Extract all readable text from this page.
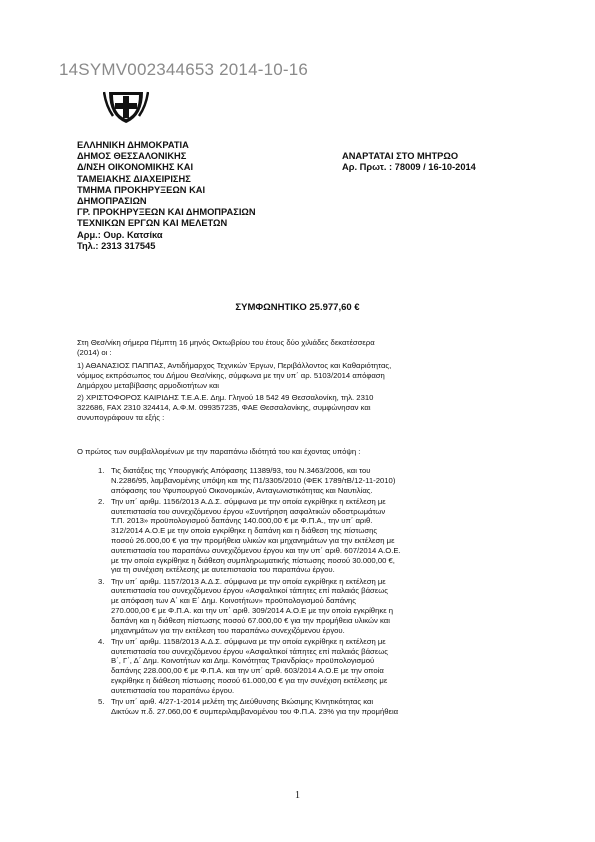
14SYMV002344653 2014-10-16
ΕΛΛΗΝΙΚΗ ΔΗΜΟΚΡΑΤΙΑ
ΔΗΜΟΣ ΘΕΣΣΑΛΟΝΙΚΗΣ
Δ/ΝΣΗ ΟΙΚΟΝΟΜΙΚΗΣ ΚΑΙ
ΤΑΜΕΙΑΚΗΣ ΔΙΑΧΕΙΡΙΣΗΣ
ΤΜΗΜΑ ΠΡΟΚΗΡΥΞΕΩΝ ΚΑΙ
ΔΗΜΟΠΡΑΣΙΩΝ
ΓΡ. ΠΡΟΚΗΡΥΞΕΩΝ ΚΑΙ ΔΗΜΟΠΡΑΣΙΩΝ
ΤΕΧΝΙΚΩΝ ΕΡΓΩΝ ΚΑΙ ΜΕΛΕΤΩΝ
Αρμ.: Ουρ. Κατσίκα
Τηλ.: 2313 317545
ΑΝΑΡΤΑΤΑΙ ΣΤΟ ΜΗΤΡΩΟ
Αρ. Πρωτ. : 78009 / 16-10-2014
ΣΥΜΦΩΝΗΤΙΚΟ 25.977,60 €

Στη Θεσ/νίκη σήμερα Πέμπτη 16 μηνός Οκτωβρίου του έτους δύο χιλιάδες δεκατέσσερα

(2014) οι :

1) ΑΘΑΝΑΣΙΟΣ ΠΑΠΠΑΣ, Αντιδήμαρχος Τεχνικών Έργων, Περιβάλλοντος και Καθαριότητας,

νόμιμος εκπρόσωπος του Δήμου Θεσ/νίκης, σύμφωνα με την υπ΄ αρ. 5103/2014 απόφαση

Δημάρχου μεταβίβασης αρμοδιοτήτων και

2) ΧΡΙΣΤΟΦΟΡΟΣ ΚΑΙΡΙΔΗΣ Τ.Ε.Α.Ε. Δημ. Γληνού 18 542 49 Θεσσαλονίκη, τηλ. 2310

322686, FAX 2310 324414, Α.Φ.Μ. 099357235, ΦΑΕ Θεσσαλονίκης, συμφώνησαν και

συνυπογράφουν τα εξής :

Ο πρώτος των συμβαλλομένων με την παραπάνω ιδιότητά του και έχοντας υπόψη :
1. Τις διατάξεις της Υπουργικής Απόφασης 11389/93, του Ν.3463/2006, και του
Ν.2286/95, λαμβανομένης υπόψη και της Π1/3305/2010 (ΦΕΚ 1789/τΒ/12-11-2010)
απόφασης του Υφυπουργού Οικονομικών, Ανταγωνιστικότητας και Ναυτιλίας.
2. Την υπ΄ αριθμ. 1156/2013 Α.Δ.Σ. σύμφωνα με την οποία εγκρίθηκε η εκτέλεση με
αυτεπιστασία του συνεχιζόμενου έργου «Συντήρηση ασφαλτικών οδοστρωμάτων
Τ.Π. 2013» προϋπολογισμού δαπάνης 140.000,00 € με Φ.Π.Α., την υπ΄ αριθ.
312/2014 Α.Ο.Ε με την οποία εγκρίθηκε η δαπάνη και η διάθεση της πίστωσης
ποσού 26.000,00 € για την προμήθεια υλικών και μηχανημάτων για την εκτέλεση με
αυτεπιστασία του παραπάνω συνεχιζόμενου έργου και την υπ΄ αριθ. 607/2014 Α.Ο.Ε.
με την οποία εγκρίθηκε η διάθεση συμπληρωματικής πίστωσης ποσού 30.000,00 €,
για τη συνέχιση εκτέλεσης με αυτεπιστασία του παραπάνω έργου.
3. Την υπ΄ αριθμ. 1157/2013 Α.Δ.Σ. σύμφωνα με την οποία εγκρίθηκε η εκτέλεση με
αυτεπιστασία του συνεχιζόμενου έργου «Ασφαλτικοί τάπητες επί παλαιάς βάσεως
με απόφαση των Α΄ και Ε΄ Δημ. Κοινοτήτων» προϋπολογισμού δαπάνης
270.000,00 € με Φ.Π.Α. και την υπ΄ αριθ. 309/2014 Α.Ο.Ε με την οποία εγκρίθηκε η
δαπάνη και η διάθεση πίστωσης ποσού 67.000,00 € για την προμήθεια υλικών και
μηχανημάτων για την εκτέλεση του παραπάνω συνεχιζόμενου έργου.
4. Την υπ΄ αριθμ. 1158/2013 Α.Δ.Σ. σύμφωνα με την οποία εγκρίθηκε η εκτέλεση με
αυτεπιστασία του συνεχιζόμενου έργου «Ασφαλτικοί τάπητες επί παλαιάς βάσεως
Β΄, Γ΄, Δ΄ Δημ. Κοινοτήτων και Δημ. Κοινότητας Τριανδρίας» προϋπολογισμού
δαπάνης 228.000,00 € με Φ.Π.Α. και την υπ΄ αριθ. 603/2014 Α.Ο.Ε με την οποία
εγκρίθηκε η διάθεση πίστωσης ποσού 61.000,00 € για την συνέχιση εκτέλεσης με
αυτεπιστασία του παραπάνω έργου.
5. Την υπ΄ αριθ. 4/27-1-2014 μελέτη της Διεύθυνσης Βιώσιμης Κινητικότητας και
Δικτύων π.δ. 27.060,00 € συμπεριλαμβανομένου του Φ.Π.Α. 23% για την προμήθεια
1
